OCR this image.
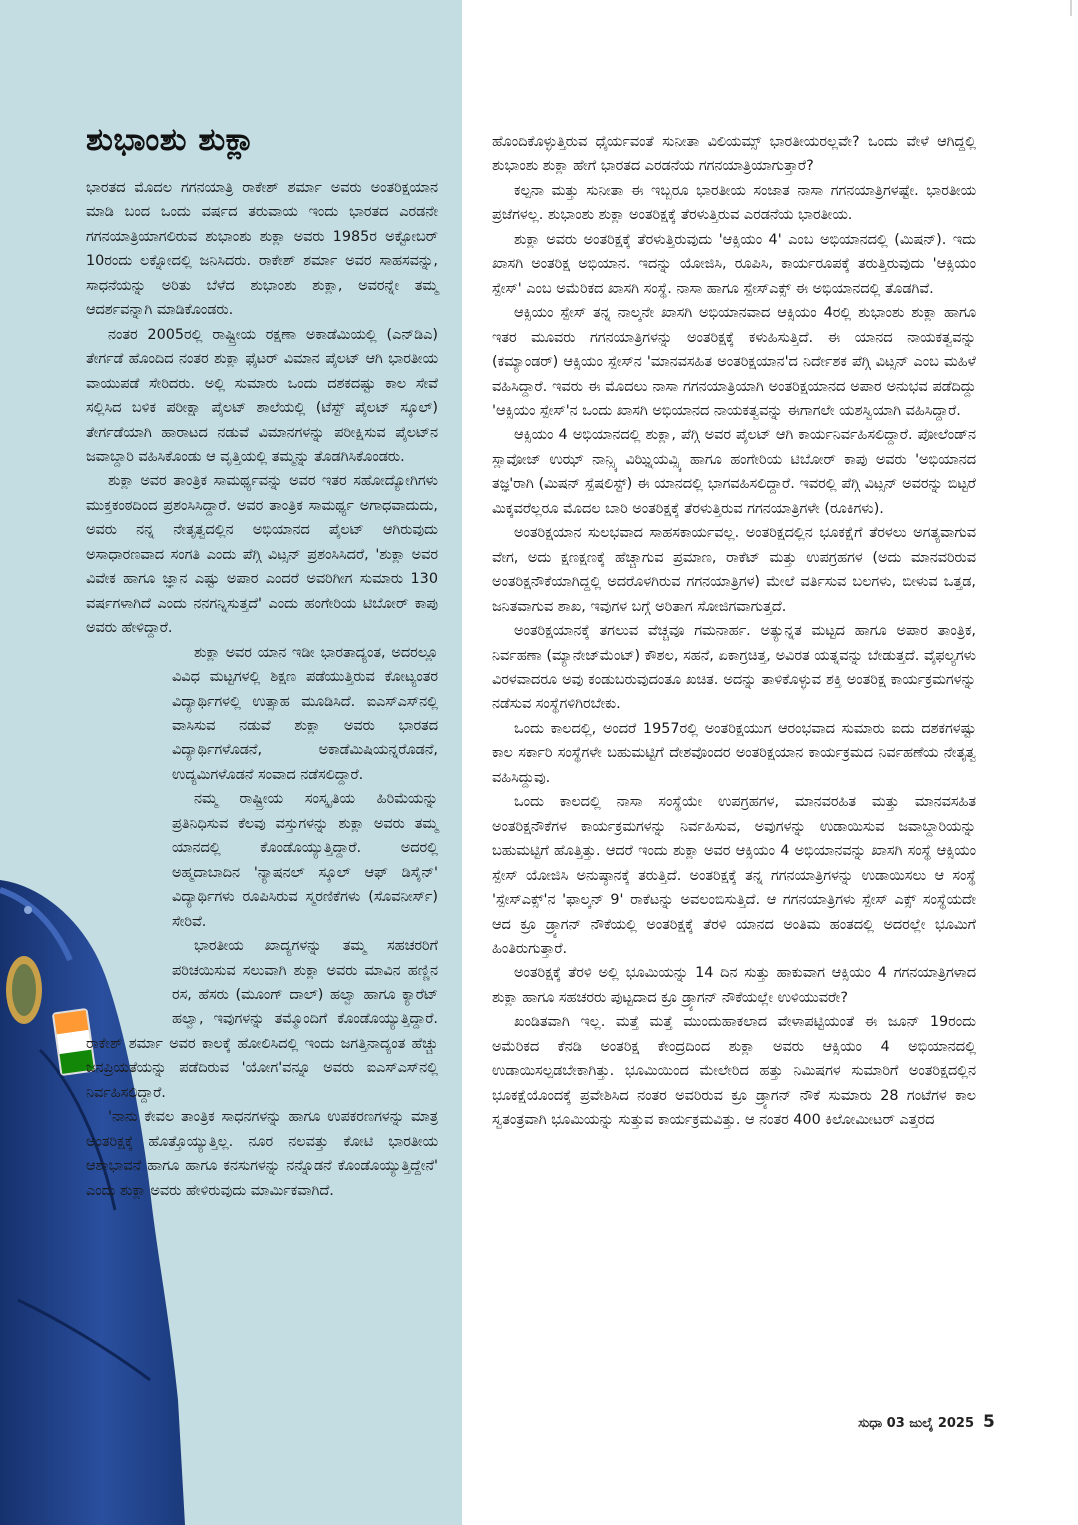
ಶುಭಾಂಶು ಶುಕ್ಲಾ

ಭಾರತದ ಮೊದಲ ಗಗನಯಾತ್ರಿ ರಾಕೇಶ್ ಶರ್ಮಾ ಅವರು ಅಂತರಿಕ್ಷಯಾನ ಮಾಡಿ ಬಂದ ಒಂದು ವರ್ಷದ ತರುವಾಯ ಇಂದು ಭಾರತದ ಎರಡನೇ ಗಗನಯಾತ್ರಿಯಾಗಲಿರುವ ಶುಭಾಂಶು ಶುಕ್ಲಾ ಅವರು 1985ರ ಅಕ್ಟೋಬರ್ 10ರಂದು ಲಕ್ನೋದಲ್ಲಿ ಜನಿಸಿದರು. ರಾಕೇಶ್ ಶರ್ಮಾ ಅವರ ಸಾಹಸವನ್ನು, ಸಾಧನೆಯನ್ನು ಅರಿತು ಬೆಳೆದ ಶುಭಾಂಶು ಶುಕ್ಲಾ, ಅವರನ್ನೇ ತಮ್ಮ ಆದರ್ಶವನ್ನಾಗಿ ಮಾಡಿಕೊಂಡರು.

ನಂತರ 2005ರಲ್ಲಿ ರಾಷ್ಟ್ರೀಯ ರಕ್ಷಣಾ ಅಕಾಡೆಮಿಯಲ್ಲಿ (ಎನ್‌ಡಿಎ) ತೇರ್ಗಡೆ ಹೊಂದಿದ ನಂತರ ಶುಕ್ಲಾ ಫೈಟರ್ ವಿಮಾನ ಪೈಲಟ್ ಆಗಿ ಭಾರತೀಯ ವಾಯುಪಡೆ ಸೇರಿದರು. ಅಲ್ಲಿ ಸುಮಾರು ಒಂದು ದಶಕದಷ್ಟು ಕಾಲ ಸೇವೆ ಸಲ್ಲಿಸಿದ ಬಳಿಕ ಪರೀಕ್ಷಾ ಪೈಲಟ್ ಶಾಲೆಯಲ್ಲಿ (ಟೆಸ್ಟ್ ಪೈಲಟ್ ಸ್ಕೂಲ್) ತೇರ್ಗಡೆಯಾಗಿ ಹಾರಾಟದ ನಡುವೆ ವಿಮಾನಗಳನ್ನು ಪರೀಕ್ಷಿಸುವ ಪೈಲಟ್‌ನ ಜವಾಬ್ದಾರಿ ವಹಿಸಿಕೊಂಡು ಆ ವೃತ್ತಿಯಲ್ಲಿ ತಮ್ಮನ್ನು ತೊಡಗಿಸಿಕೊಂಡರು.

ಶುಕ್ಲಾ ಅವರ ತಾಂತ್ರಿಕ ಸಾಮರ್ಥ್ಯವನ್ನು ಅವರ ಇತರ ಸಹೋದ್ಯೋಗಿಗಳು ಮುಕ್ತಕಂಠದಿಂದ ಪ್ರಶಂಸಿಸಿದ್ದಾರೆ. ಅವರ ತಾಂತ್ರಿಕ ಸಾಮರ್ಥ್ಯ ಅಗಾಧವಾದುದು, ಅವರು ನನ್ನ ನೇತೃತ್ವದಲ್ಲಿನ ಅಭಿಯಾನದ ಪೈಲಟ್ ಆಗಿರುವುದು ಅಸಾಧಾರಣವಾದ ಸಂಗತಿ ಎಂದು ಪೆಗ್ಗಿ ವಿಟ್ಸನ್ ಪ್ರಶಂಸಿಸಿದರೆ, 'ಶುಕ್ಲಾ ಅವರ ವಿವೇಕ ಹಾಗೂ ಜ್ಞಾನ ಎಷ್ಟು ಅಪಾರ ಎಂದರೆ ಅವರಿಗೀಗ ಸುಮಾರು 130 ವರ್ಷಗಳಾಗಿದೆ ಎಂದು ನನಗನ್ನಿಸುತ್ತದೆ' ಎಂದು ಹಂಗೇರಿಯ ಟಿಬೋರ್ ಕಾಪು ಅವರು ಹೇಳಿದ್ದಾರೆ.

ಶುಕ್ಲಾ ಅವರ ಯಾನ ಇಡೀ ಭಾರತಾದ್ಯಂತ, ಅದರಲ್ಲೂ ವಿವಿಧ ಮಟ್ಟಗಳಲ್ಲಿ ಶಿಕ್ಷಣ ಪಡೆಯುತ್ತಿರುವ ಕೋಟ್ಯಂತರ ವಿದ್ಯಾರ್ಥಿಗಳಲ್ಲಿ ಉತ್ಸಾಹ ಮೂಡಿಸಿದೆ. ಐಎಸ್‌ಎಸ್‌ನಲ್ಲಿ ವಾಸಿಸುವ ನಡುವೆ ಶುಕ್ಲಾ ಅವರು ಭಾರತದ ವಿದ್ಯಾರ್ಥಿಗಳೊಡನೆ, ಅಕಾಡೆಮಿಷಿಯನ್ನರೊಡನೆ, ಉದ್ಯಮಿಗಳೊಡನೆ ಸಂವಾದ ನಡೆಸಲಿದ್ದಾರೆ.

ನಮ್ಮ ರಾಷ್ಟ್ರೀಯ ಸಂಸ್ಕೃತಿಯ ಹಿರಿಮೆಯನ್ನು ಪ್ರತಿನಿಧಿಸುವ ಕೆಲವು ವಸ್ತುಗಳನ್ನು ಶುಕ್ಲಾ ಅವರು ತಮ್ಮ ಯಾನದಲ್ಲಿ ಕೊಂಡೊಯ್ಯುತ್ತಿದ್ದಾರೆ. ಅದರಲ್ಲಿ ಅಹ್ಮದಾಬಾದಿನ 'ನ್ಯಾಷನಲ್ ಸ್ಕೂಲ್ ಆಫ್ ಡಿಸೈನ್' ವಿದ್ಯಾರ್ಥಿಗಳು ರೂಪಿಸಿರುವ ಸ್ಮರಣಿಕೆಗಳು (ಸೊವನೀರ್ಸ್) ಸೇರಿವೆ.

ಭಾರತೀಯ ಖಾದ್ಯಗಳನ್ನು ತಮ್ಮ ಸಹಚರರಿಗೆ ಪರಿಚಯಿಸುವ ಸಲುವಾಗಿ ಶುಕ್ಲಾ ಅವರು ಮಾವಿನ ಹಣ್ಣಿನ ರಸ, ಹೆಸರು (ಮೂಂಗ್ ದಾಲ್) ಹಲ್ವಾ ಹಾಗೂ ಕ್ಯಾರೆಟ್ ಹಲ್ವಾ, ಇವುಗಳನ್ನು ತಮ್ಮೊಂದಿಗೆ ಕೊಂಡೊಯ್ಯುತ್ತಿದ್ದಾರೆ. ರಾಕೇಶ್ ಶರ್ಮಾ ಅವರ ಕಾಲಕ್ಕೆ ಹೋಲಿಸಿದಲ್ಲಿ ಇಂದು ಜಗತ್ತಿನಾದ್ಯಂತ ಹೆಚ್ಚು ಜನಪ್ರಿಯತೆಯನ್ನು ಪಡೆದಿರುವ 'ಯೋಗ'ವನ್ನೂ ಅವರು ಐಎಸ್‌ಎಸ್‌ನಲ್ಲಿ ನಿರ್ವಹಿಸಲಿದ್ದಾರೆ.

'ನಾನು ಕೇವಲ ತಾಂತ್ರಿಕ ಸಾಧನಗಳನ್ನು ಹಾಗೂ ಉಪಕರಣಗಳನ್ನು ಮಾತ್ರ ಅಂತರಿಕ್ಷಕ್ಕೆ ಹೊತ್ತೊಯ್ಯುತ್ತಿಲ್ಲ. ನೂರ ನಲವತ್ತು ಕೋಟಿ ಭಾರತೀಯ ಆಶಾಭಾವನೆ ಹಾಗೂ ಹಾಗೂ ಕನಸುಗಳನ್ನು ನನ್ನೊಡನೆ ಕೊಂಡೊಯ್ಯುತ್ತಿದ್ದೇನೆ' ಎಂದು ಶುಕ್ಲಾ ಅವರು ಹೇಳಿರುವುದು ಮಾರ್ಮಿಕವಾಗಿದೆ.

ಹೊಂದಿಕೊಳ್ಳುತ್ತಿರುವ ಧೈರ್ಯವಂತೆ ಸುನೀತಾ ವಿಲಿಯಮ್ಸ್ ಭಾರತೀಯರಲ್ಲವೇ? ಒಂದು ವೇಳೆ ಆಗಿದ್ದಲ್ಲಿ ಶುಭಾಂಶು ಶುಕ್ಲಾ ಹೇಗೆ ಭಾರತದ ಎರಡನೆಯ ಗಗನಯಾತ್ರಿಯಾಗುತ್ತಾರೆ?

ಕಲ್ಪನಾ ಮತ್ತು ಸುನೀತಾ ಈ ಇಬ್ಬರೂ ಭಾರತೀಯ ಸಂಜಾತ ನಾಸಾ ಗಗನಯಾತ್ರಿಗಳಷ್ಟೇ. ಭಾರತೀಯ ಪ್ರಜೆಗಳಲ್ಲ. ಶುಭಾಂಶು ಶುಕ್ಲಾ ಅಂತರಿಕ್ಷಕ್ಕೆ ತೆರಳುತ್ತಿರುವ ಎರಡನೆಯ ಭಾರತೀಯ.

ಶುಕ್ಲಾ ಅವರು ಅಂತರಿಕ್ಷಕ್ಕೆ ತೆರಳುತ್ತಿರುವುದು 'ಆಕ್ಸಿಯಂ 4' ಎಂಬ ಅಭಿಯಾನದಲ್ಲಿ (ಮಿಷನ್). ಇದು ಖಾಸಗಿ ಅಂತರಿಕ್ಷ ಅಭಿಯಾನ. ಇದನ್ನು ಯೋಜಿಸಿ, ರೂಪಿಸಿ, ಕಾರ್ಯರೂಪಕ್ಕೆ ತರುತ್ತಿರುವುದು 'ಆಕ್ಸಿಯಂ ಸ್ಪೇಸ್' ಎಂಬ ಅಮೆರಿಕದ ಖಾಸಗಿ ಸಂಸ್ಥೆ. ನಾಸಾ ಹಾಗೂ ಸ್ಪೇಸ್‌ಎಕ್ಸ್ ಈ ಅಭಿಯಾನದಲ್ಲಿ ತೊಡಗಿವೆ.

ಆಕ್ಸಿಯಂ ಸ್ಪೇಸ್ ತನ್ನ ನಾಲ್ಕನೇ ಖಾಸಗಿ ಅಭಿಯಾನವಾದ ಆಕ್ಸಿಯಂ 4ರಲ್ಲಿ ಶುಭಾಂಶು ಶುಕ್ಲಾ ಹಾಗೂ ಇತರ ಮೂವರು ಗಗನಯಾತ್ರಿಗಳನ್ನು ಅಂತರಿಕ್ಷಕ್ಕೆ ಕಳುಹಿಸುತ್ತಿದೆ. ಈ ಯಾನದ ನಾಯಕತ್ವವನ್ನು (ಕಮ್ಯಾಂಡರ್) ಆಕ್ಸಿಯಂ ಸ್ಪೇಸ್‌ನ 'ಮಾನವಸಹಿತ ಅಂತರಿಕ್ಷಯಾನ'ದ ನಿರ್ದೇಶಕ ಪೆಗ್ಗಿ ವಿಟ್ಸನ್ ಎಂಬ ಮಹಿಳೆ ವಹಿಸಿದ್ದಾರೆ. ಇವರು ಈ ಮೊದಲು ನಾಸಾ ಗಗನಯಾತ್ರಿಯಾಗಿ ಅಂತರಿಕ್ಷಯಾನದ ಅಪಾರ ಅನುಭವ ಪಡೆದಿದ್ದು 'ಆಕ್ಸಿಯಂ ಸ್ಪೇಸ್'ನ ಒಂದು ಖಾಸಗಿ ಅಭಿಯಾನದ ನಾಯಕತ್ವವನ್ನು ಈಗಾಗಲೇ ಯಶಸ್ವಿಯಾಗಿ ವಹಿಸಿದ್ದಾರೆ.

ಆಕ್ಸಿಯಂ 4 ಅಭಿಯಾನದಲ್ಲಿ ಶುಕ್ಲಾ, ಪೆಗ್ಗಿ ಅವರ ಪೈಲಟ್ ಆಗಿ ಕಾರ್ಯನಿರ್ವಹಿಸಲಿದ್ದಾರೆ. ಪೋಲೆಂಡ್‌ನ ಸ್ಲಾವೋಜ್ ಉಝ್ ನಾನ್ಸ್ಕಿ ವಿಝ್ನಿಯವ್ಸ್ಕಿ ಹಾಗೂ ಹಂಗೇರಿಯ ಟಿಬೋರ್ ಕಾಪು ಅವರು 'ಅಭಿಯಾನದ ತಜ್ಞ'ರಾಗಿ (ಮಿಷನ್ ಸ್ಪೆಷಲಿಸ್ಟ್) ಈ ಯಾನದಲ್ಲಿ ಭಾಗವಹಿಸಲಿದ್ದಾರೆ. ಇವರಲ್ಲಿ ಪೆಗ್ಗಿ ವಿಟ್ಸನ್ ಅವರನ್ನು ಬಿಟ್ಟರೆ ಮಿಕ್ಕವರೆಲ್ಲರೂ ಮೊದಲ ಬಾರಿ ಅಂತರಿಕ್ಷಕ್ಕೆ ತೆರಳುತ್ತಿರುವ ಗಗನಯಾತ್ರಿಗಳೇ (ರೂಕಿಗಳು).

ಅಂತರಿಕ್ಷಯಾನ ಸುಲಭವಾದ ಸಾಹಸಕಾರ್ಯವಲ್ಲ. ಅಂತರಿಕ್ಷದಲ್ಲಿನ ಭೂಕಕ್ಷೆಗೆ ತೆರಳಲು ಅಗತ್ಯವಾಗುವ ವೇಗ, ಅದು ಕ್ಷಣಕ್ಷಣಕ್ಕೆ ಹೆಚ್ಚಾಗುವ ಪ್ರಮಾಣ, ರಾಕೆಟ್ ಮತ್ತು ಉಪಗ್ರಹಗಳ (ಅದು ಮಾನವರಿರುವ ಅಂತರಿಕ್ಷನೌಕೆಯಾಗಿದ್ದಲ್ಲಿ ಅದರೊಳಗಿರುವ ಗಗನಯಾತ್ರಿಗಳ) ಮೇಲೆ ವರ್ತಿಸುವ ಬಲಗಳು, ಬೀಳುವ ಒತ್ತಡ, ಜನಿತವಾಗುವ ಶಾಖ, ಇವುಗಳ ಬಗ್ಗೆ ಅರಿತಾಗ ಸೋಜಿಗವಾಗುತ್ತದೆ.

ಅಂತರಿಕ್ಷಯಾನಕ್ಕೆ ತಗಲುವ ವೆಚ್ಚವೂ ಗಮನಾರ್ಹ. ಅತ್ಯುನ್ನತ ಮಟ್ಟದ ಹಾಗೂ ಅಪಾರ ತಾಂತ್ರಿಕ, ನಿರ್ವಹಣಾ (ಮ್ಯಾನೇಜ್‌ಮೆಂಟ್) ಕೌಶಲ, ಸಹನೆ, ಏಕಾಗ್ರಚಿತ್ತ, ಅವಿರತ ಯತ್ನವನ್ನು ಬೇಡುತ್ತದೆ. ವೈಫಲ್ಯಗಳು ವಿರಳವಾದರೂ ಅವು ಕಂಡುಬರುವುದಂತೂ ಖಚಿತ. ಅದನ್ನು ತಾಳಿಕೊಳ್ಳುವ ಶಕ್ತಿ ಅಂತರಿಕ್ಷ ಕಾರ್ಯಕ್ರಮಗಳನ್ನು ನಡೆಸುವ ಸಂಸ್ಥೆಗಳಿಗಿರಬೇಕು.

ಒಂದು ಕಾಲದಲ್ಲಿ, ಅಂದರೆ 1957ರಲ್ಲಿ ಅಂತರಿಕ್ಷಯುಗ ಆರಂಭವಾದ ಸುಮಾರು ಐದು ದಶಕಗಳಷ್ಟು ಕಾಲ ಸರ್ಕಾರಿ ಸಂಸ್ಥೆಗಳೇ ಬಹುಮಟ್ಟಿಗೆ ದೇಶವೊಂದರ ಅಂತರಿಕ್ಷಯಾನ ಕಾರ್ಯಕ್ರಮದ ನಿರ್ವಹಣೆಯ ನೇತೃತ್ವ ವಹಿಸಿದ್ದುವು.

ಒಂದು ಕಾಲದಲ್ಲಿ ನಾಸಾ ಸಂಸ್ಥೆಯೇ ಉಪಗ್ರಹಗಳ, ಮಾನವರಹಿತ ಮತ್ತು ಮಾನವಸಹಿತ ಅಂತರಿಕ್ಷನೌಕೆಗಳ ಕಾರ್ಯಕ್ರಮಗಳನ್ನು ನಿರ್ವಹಿಸುವ, ಅವುಗಳನ್ನು ಉಡಾಯಿಸುವ ಜವಾಬ್ದಾರಿಯನ್ನು ಬಹುಮಟ್ಟಿಗೆ ಹೊತ್ತಿತ್ತು. ಆದರೆ ಇಂದು ಶುಕ್ಲಾ ಅವರ ಆಕ್ಸಿಯಂ 4 ಅಭಿಯಾನವನ್ನು ಖಾಸಗಿ ಸಂಸ್ಥೆ ಆಕ್ಸಿಯಂ ಸ್ಪೇಸ್ ಯೋಜಿಸಿ ಅನುಷ್ಠಾನಕ್ಕೆ ತರುತ್ತಿದೆ. ಅಂತರಿಕ್ಷಕ್ಕೆ ತನ್ನ ಗಗನಯಾತ್ರಿಗಳನ್ನು ಉಡಾಯಿಸಲು ಆ ಸಂಸ್ಥೆ 'ಸ್ಪೇಸ್‌ಎಕ್ಸ್'ನ 'ಫಾಲ್ಕನ್ 9' ರಾಕೆಟನ್ನು ಅವಲಂಬಿಸುತ್ತಿದೆ. ಆ ಗಗನಯಾತ್ರಿಗಳು ಸ್ಪೇಸ್ ಎಕ್ಸ್ ಸಂಸ್ಥೆಯದೇ ಆದ ಕ್ರೂ ಡ್ರ್ಯಾಗನ್ ನೌಕೆಯಲ್ಲಿ ಅಂತರಿಕ್ಷಕ್ಕೆ ತೆರಳಿ ಯಾನದ ಅಂತಿಮ ಹಂತದಲ್ಲಿ ಅದರಲ್ಲೇ ಭೂಮಿಗೆ ಹಿಂತಿರುಗುತ್ತಾರೆ.

ಅಂತರಿಕ್ಷಕ್ಕೆ ತೆರಳಿ ಅಲ್ಲಿ ಭೂಮಿಯನ್ನು 14 ದಿನ ಸುತ್ತು ಹಾಕುವಾಗ ಆಕ್ಸಿಯಂ 4 ಗಗನಯಾತ್ರಿಗಳಾದ ಶುಕ್ಲಾ ಹಾಗೂ ಸಹಚರರು ಪುಟ್ಟದಾದ ಕ್ರೂ ಡ್ರ್ಯಾಗನ್ ನೌಕೆಯಲ್ಲೇ ಉಳಿಯುವರೇ?

ಖಂಡಿತವಾಗಿ ಇಲ್ಲ. ಮತ್ತೆ ಮತ್ತೆ ಮುಂದುಹಾಕಲಾದ ವೇಳಾಪಟ್ಟಿಯಂತೆ ಈ ಜೂನ್ 19ರಂದು ಅಮೆರಿಕದ ಕೆನಡಿ ಅಂತರಿಕ್ಷ ಕೇಂದ್ರದಿಂದ ಶುಕ್ಲಾ ಅವರು ಆಕ್ಸಿಯಂ 4 ಅಭಿಯಾನದಲ್ಲಿ ಉಡಾಯಿಸಲ್ಪಡಬೇಕಾಗಿತ್ತು. ಭೂಮಿಯಿಂದ ಮೇಲೇರಿದ ಹತ್ತು ನಿಮಿಷಗಳ ಸುಮಾರಿಗೆ ಅಂತರಿಕ್ಷದಲ್ಲಿನ ಭೂಕಕ್ಷೆಯೊಂದಕ್ಕೆ ಪ್ರವೇಶಿಸಿದ ನಂತರ ಅವರಿರುವ ಕ್ರೂ ಡ್ರ್ಯಾಗನ್ ನೌಕೆ ಸುಮಾರು 28 ಗಂಟೆಗಳ ಕಾಲ ಸ್ವತಂತ್ರವಾಗಿ ಭೂಮಿಯನ್ನು ಸುತ್ತುವ ಕಾರ್ಯಕ್ರಮವಿತ್ತು. ಆ ನಂತರ 400 ಕಿಲೋಮೀಟರ್ ಎತ್ತರದ

ಸುಧಾ 03 ಜುಲೈ 2025 5
